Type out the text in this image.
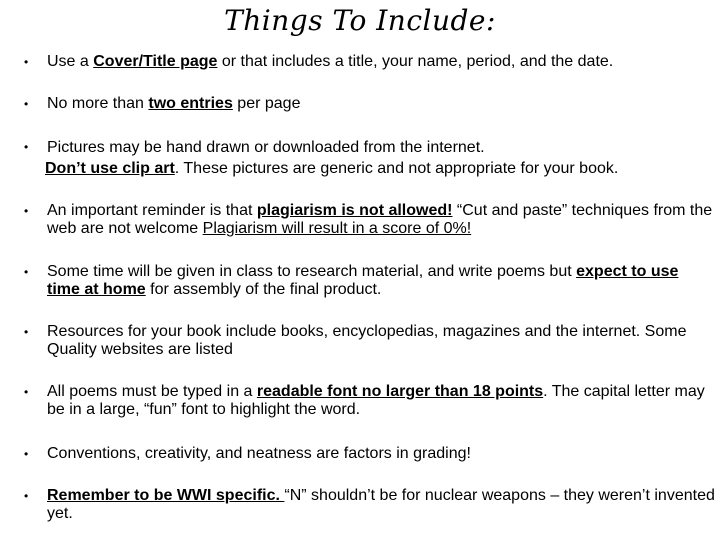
Things To Include:
• Use a Cover/Title page or that includes a title, your name, period, and the date.
• No more than two entries per page
• Pictures may be hand drawn or downloaded from the internet.
Don’t use clip art. These pictures are generic and not appropriate for your book.
• An important reminder is that plagiarism is not allowed! “Cut and paste” techniques from the web are not welcome Plagiarism will result in a score of 0%!
• Some time will be given in class to research material, and write poems but expect to use time at home for assembly of the final product.
• Resources for your book include books, encyclopedias, magazines and the internet. Some Quality websites are listed
• All poems must be typed in a readable font no larger than 18 points. The capital letter may be in a large, “fun” font to highlight the word.
• Conventions, creativity, and neatness are factors in grading!
• Remember to be WWI specific. “N” shouldn’t be for nuclear weapons – they weren’t invented yet.
